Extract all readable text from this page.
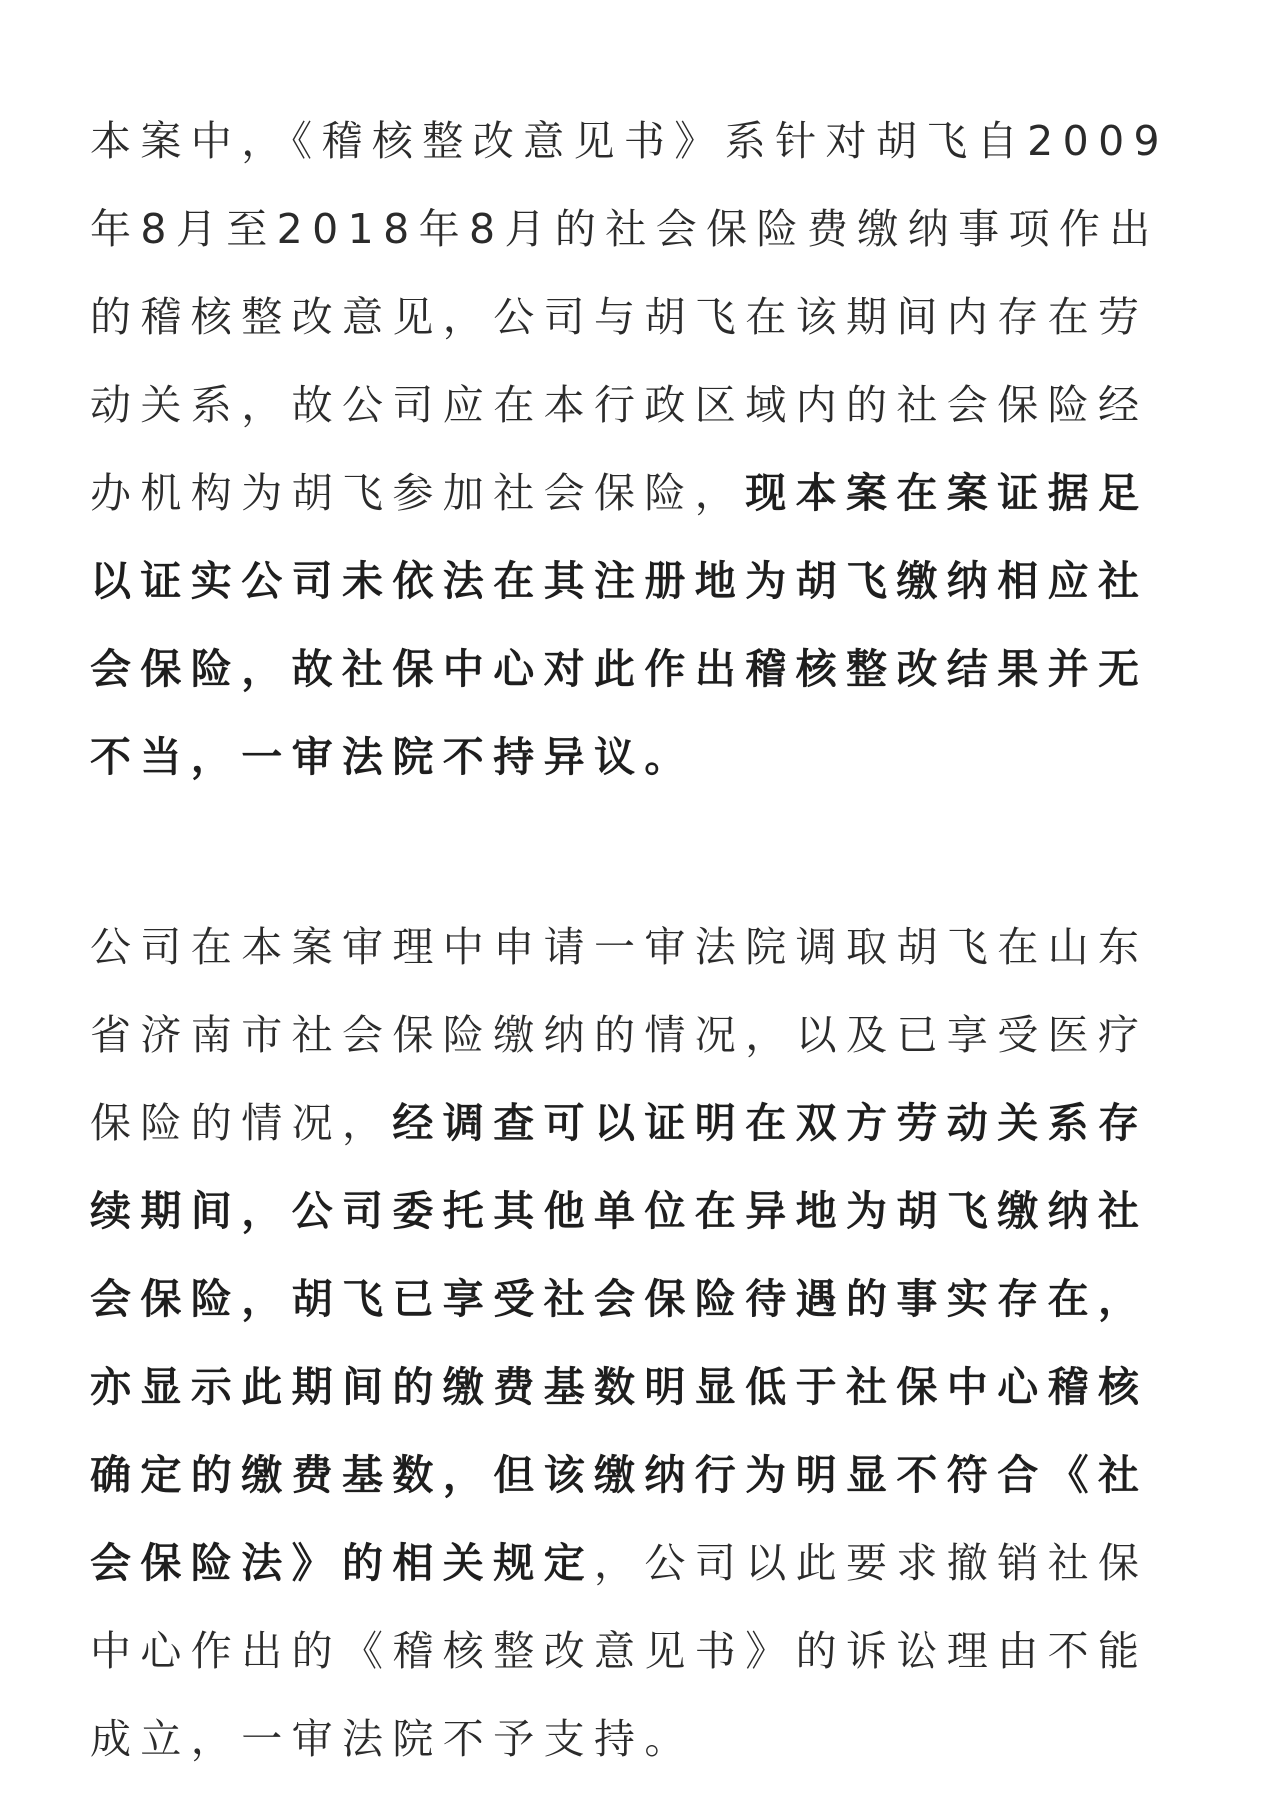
本案中，《稽核整改意见书》系针对胡飞自2009年8月至2018年8月的社会保险费缴纳事项作出的稽核整改意见，公司与胡飞在该期间内存在劳动关系，故公司应在本行政区域内的社会保险经办机构为胡飞参加社会保险，现本案在案证据足以证实公司未依法在其注册地为胡飞缴纳相应社会保险，故社保中心对此作出稽核整改结果并无不当，一审法院不持异议。

公司在本案审理中申请一审法院调取胡飞在山东省济南市社会保险缴纳的情况，以及已享受医疗保险的情况，经调查可以证明在双方劳动关系存续期间，公司委托其他单位在异地为胡飞缴纳社会保险，胡飞已享受社会保险待遇的事实存在，亦显示此期间的缴费基数明显低于社保中心稽核确定的缴费基数，但该缴纳行为明显不符合《社会保险法》的相关规定，公司以此要求撤销社保中心作出的《稽核整改意见书》的诉讼理由不能成立，一审法院不予支持。
